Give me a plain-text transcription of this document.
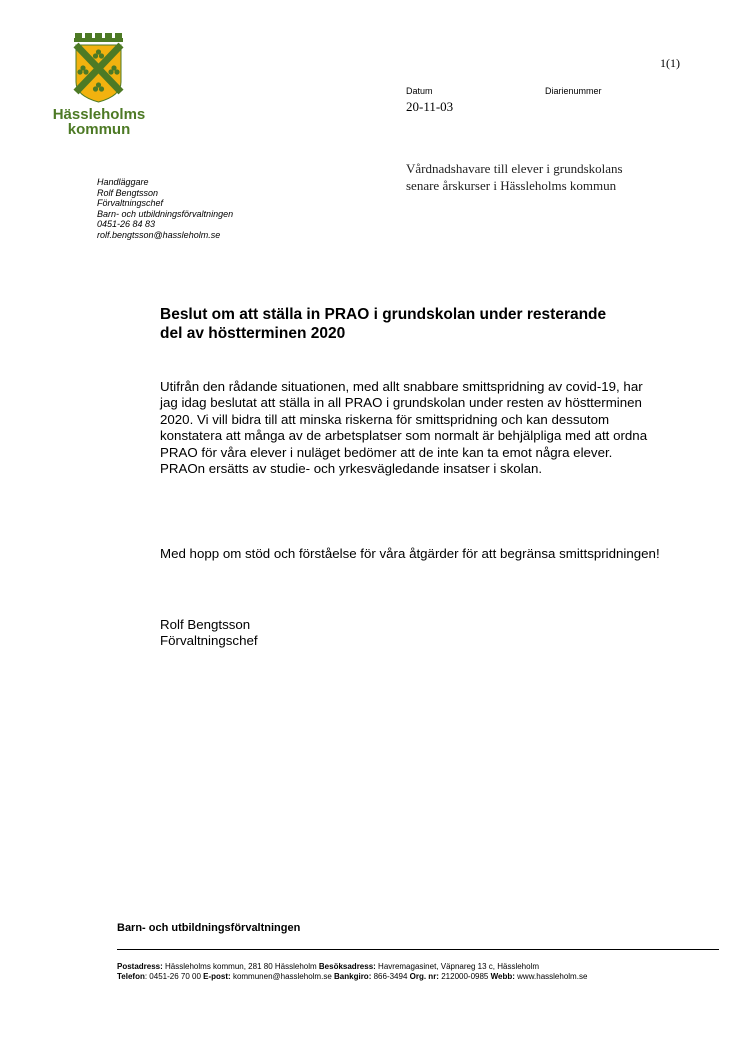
Hässleholms kommun
1(1)
Datum	Diarienummer
20-11-03
Vårdnadshavare till elever i grundskolans
senare årskurser i Hässleholms kommun
Handläggare
Rolf Bengtsson
Förvaltningschef
Barn- och utbildningsförvaltningen
0451-26 84 83
rolf.bengtsson@hassleholm.se
Beslut om att ställa in PRAO i grundskolan under resterande del av höstterminen 2020
Utifrån den rådande situationen, med allt snabbare smittspridning av covid-19, har jag idag beslutat att ställa in all PRAO i grundskolan under resten av höstterminen 2020. Vi vill bidra till att minska riskerna för smittspridning och kan dessutom konstatera att många av de arbetsplatser som normalt är behjälpliga med att ordna PRAO för våra elever i nuläget bedömer att de inte kan ta emot några elever. PRAOn ersätts av studie- och yrkesvägledande insatser i skolan.
Med hopp om stöd och förståelse för våra åtgärder för att begränsa smittspridningen!
Rolf Bengtsson
Förvaltningschef
Barn- och utbildningsförvaltningen
Postadress: Hässleholms kommun, 281 80 Hässleholm Besöksadress: Havremagasinet, Väpnareg 13 c, Hässleholm
Telefon: 0451-26 70 00 E-post: kommunen@hassleholm.se Bankgiro: 866-3494 Org. nr: 212000-0985 Webb: www.hassleholm.se
